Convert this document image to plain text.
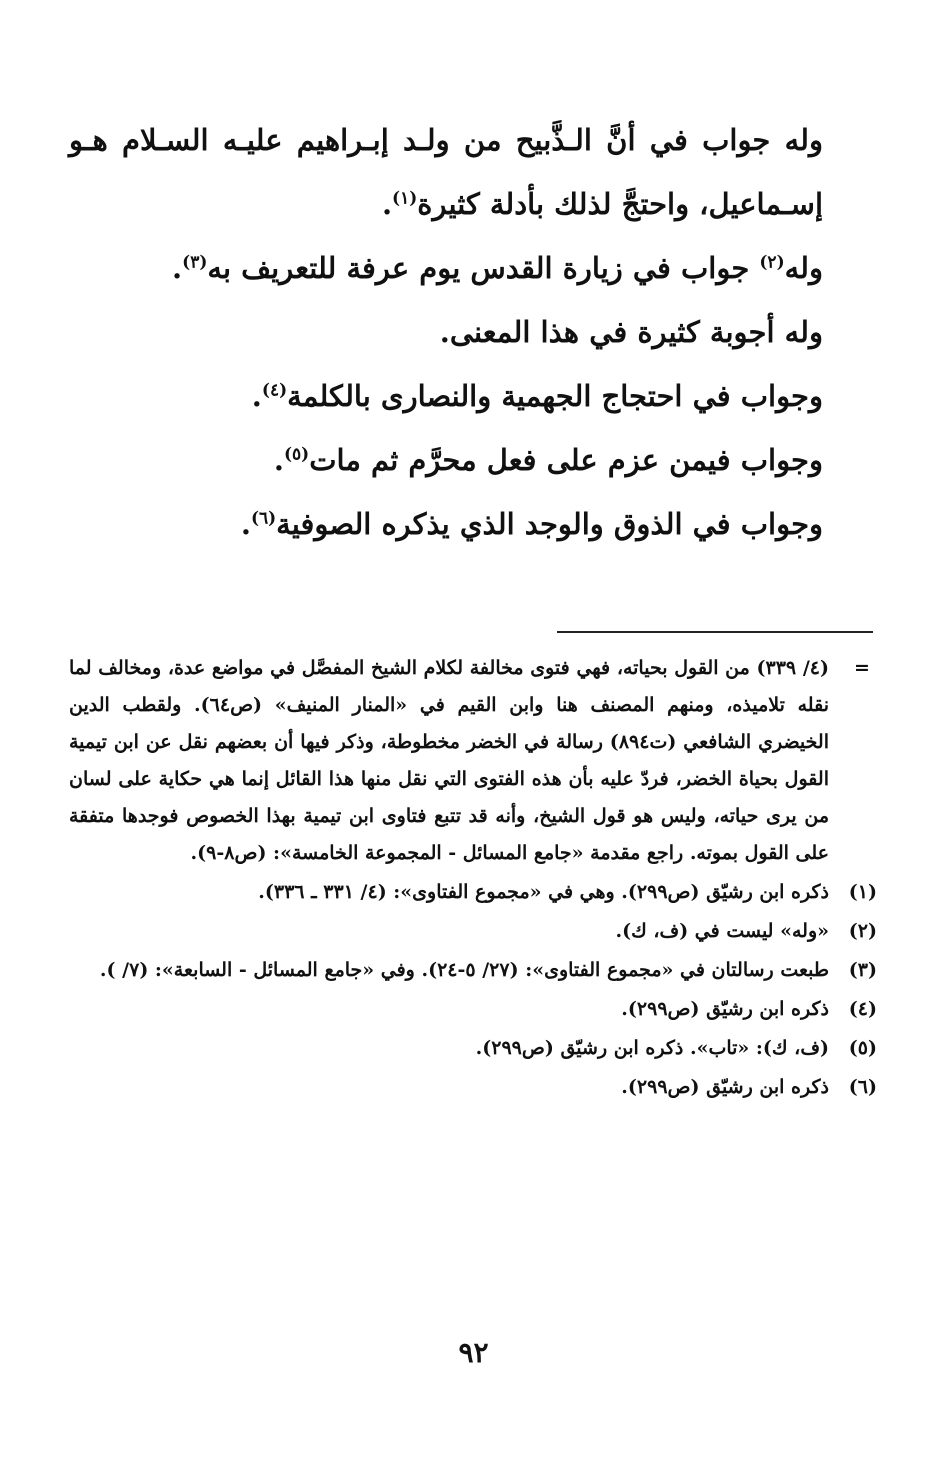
وله جواب في أنَّ الـذَّبيح من ولـد إبـراهيم عليـه السـلام هـو إسـماعيل، واحتجَّ لذلك بأدلة كثيرة$^{(١)}$.

وله$^{(٢)}$ جواب في زيارة القدس يوم عرفة للتعريف به$^{(٣)}$.

وله أجوبة كثيرة في هذا المعنى.

وجواب في احتجاج الجهمية والنصارى بالكلمة$^{(٤)}$.

وجواب فيمن عزم على فعل محرَّم ثم مات$^{(٥)}$.

وجواب في الذوق والوجد الذي يذكره الصوفية$^{(٦)}$.

=
(٤/ ٣٣٩) من القول بحياته، فهي فتوى مخالفة لكلام الشيخ المفصَّل في مواضع عدة، ومخالف لما نقله تلاميذه، ومنهم المصنف هنا وابن القيم في «المنار المنيف» (ص٦٤). ولقطب الدين الخيضري الشافعي (ت٨٩٤) رسالة في الخضر مخطوطة، وذكر فيها أن بعضهم نقل عن ابن تيمية القول بحياة الخضر، فردّ عليه بأن هذه الفتوى التي نقل منها هذا القائل إنما هي حكاية على لسان من يرى حياته، وليس هو قول الشيخ، وأنه قد تتبع فتاوى ابن تيمية بهذا الخصوص فوجدها متفقة على القول بموته. راجع مقدمة «جامع المسائل - المجموعة الخامسة»: (ص٨-٩).
(١)
ذكره ابن رشيّق (ص٢٩٩). وهي في «مجموع الفتاوى»: (٤/ ٣٣١ ـ ٣٣٦).
(٢)
«وله» ليست في (ف، ك).
(٣)
طبعت رسالتان في «مجموع الفتاوى»: (٢٧/ ٥-٢٤). وفي «جامع المسائل - السابعة»: (٧/ ).
(٤)
ذكره ابن رشيّق (ص٢٩٩).
(٥)
(ف، ك): «تاب». ذكره ابن رشيّق (ص٢٩٩).
(٦)
ذكره ابن رشيّق (ص٢٩٩).
٩٢
